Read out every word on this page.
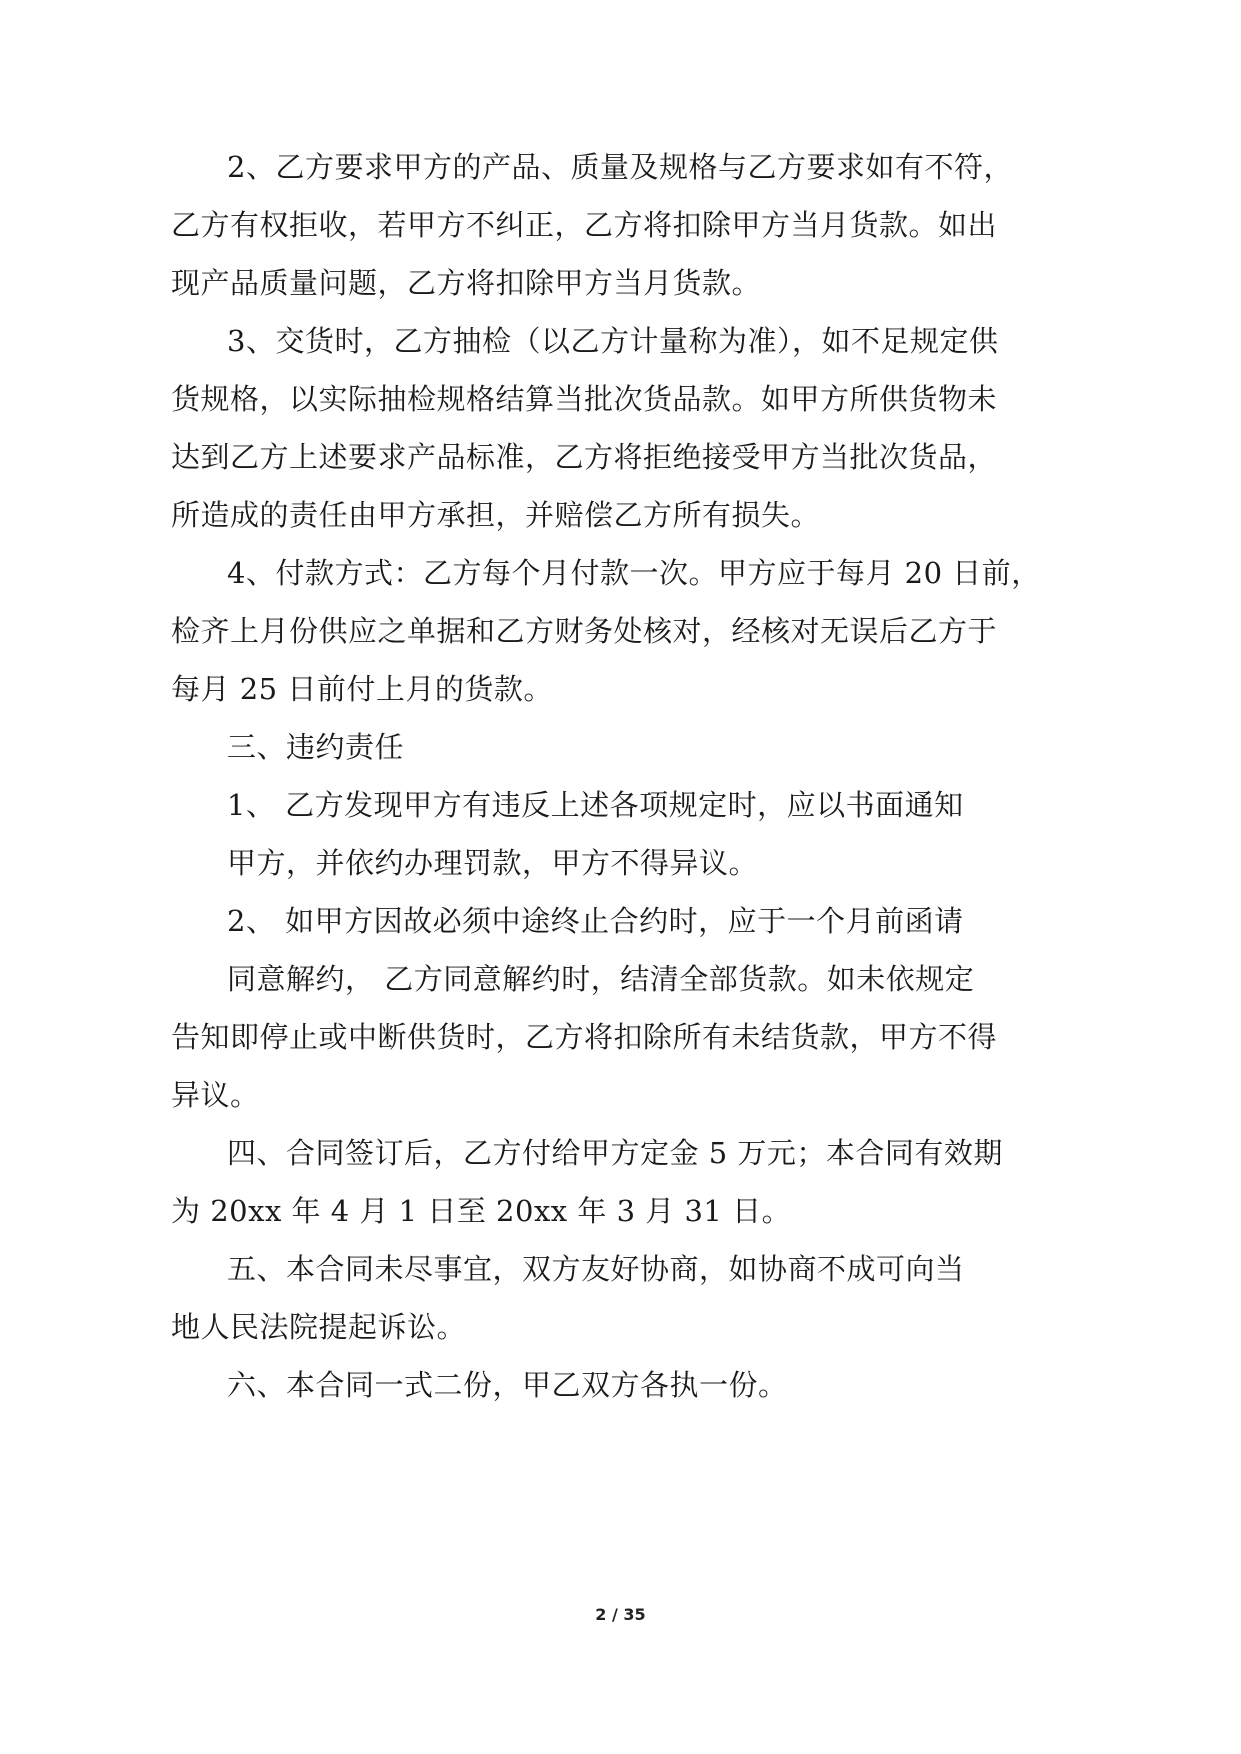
2、乙方要求甲方的产品、质量及规格与乙方要求如有不符，
乙方有权拒收，若甲方不纠正，乙方将扣除甲方当月货款。如出
现产品质量问题，乙方将扣除甲方当月货款。
3、交货时，乙方抽检（以乙方计量称为准），如不足规定供
货规格，以实际抽检规格结算当批次货品款。如甲方所供货物未
达到乙方上述要求产品标准，乙方将拒绝接受甲方当批次货品，
所造成的责任由甲方承担，并赔偿乙方所有损失。
4、付款方式：乙方每个月付款一次。甲方应于每月 20 日前，
检齐上月份供应之单据和乙方财务处核对，经核对无误后乙方于
每月 25 日前付上月的货款。
三、违约责任
1、 乙方发现甲方有违反上述各项规定时，应以书面通知
甲方，并依约办理罚款，甲方不得异议。
2、 如甲方因故必须中途终止合约时，应于一个月前函请
同意解约， 乙方同意解约时，结清全部货款。如未依规定
告知即停止或中断供货时，乙方将扣除所有未结货款，甲方不得
异议。
四、合同签订后，乙方付给甲方定金 5 万元；本合同有效期
为 20xx 年 4 月 1 日至 20xx 年 3 月 31 日。
五、本合同未尽事宜，双方友好协商，如协商不成可向当
地人民法院提起诉讼。
六、本合同一式二份，甲乙双方各执一份。
2 / 35
